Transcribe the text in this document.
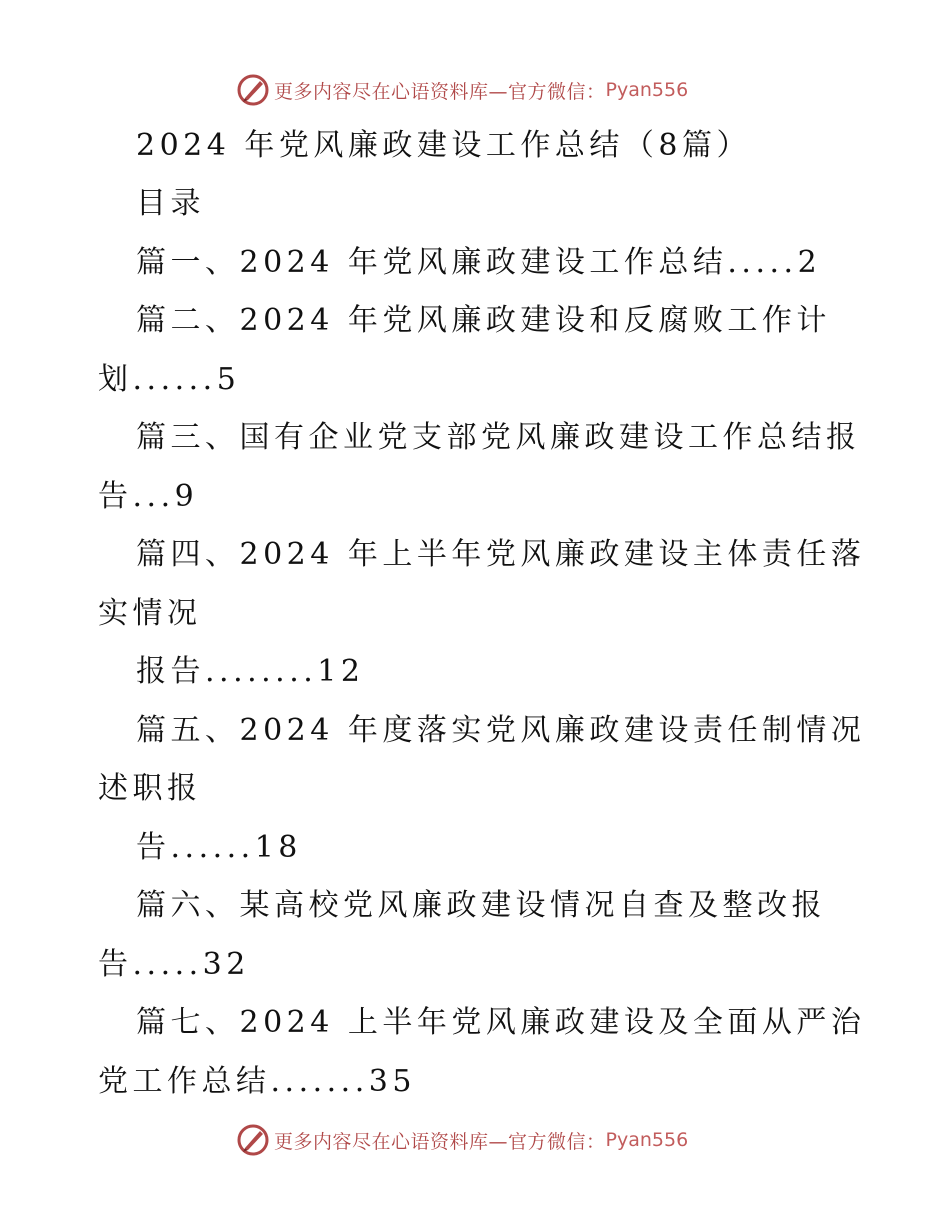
更多内容尽在心语资料库—官方微信： Pyan556
2024 年党风廉政建设工作总结（8篇）
目录
篇一、2024 年党风廉政建设工作总结.....2
篇二、2024 年党风廉政建设和反腐败工作计
划......5
篇三、国有企业党支部党风廉政建设工作总结报
告...9
篇四、2024 年上半年党风廉政建设主体责任落
实情况
报告........12
篇五、2024 年度落实党风廉政建设责任制情况
述职报
告......18
篇六、某高校党风廉政建设情况自查及整改报
告.....32
篇七、2024 上半年党风廉政建设及全面从严治
党工作总结.......35
更多内容尽在心语资料库—官方微信： Pyan556
